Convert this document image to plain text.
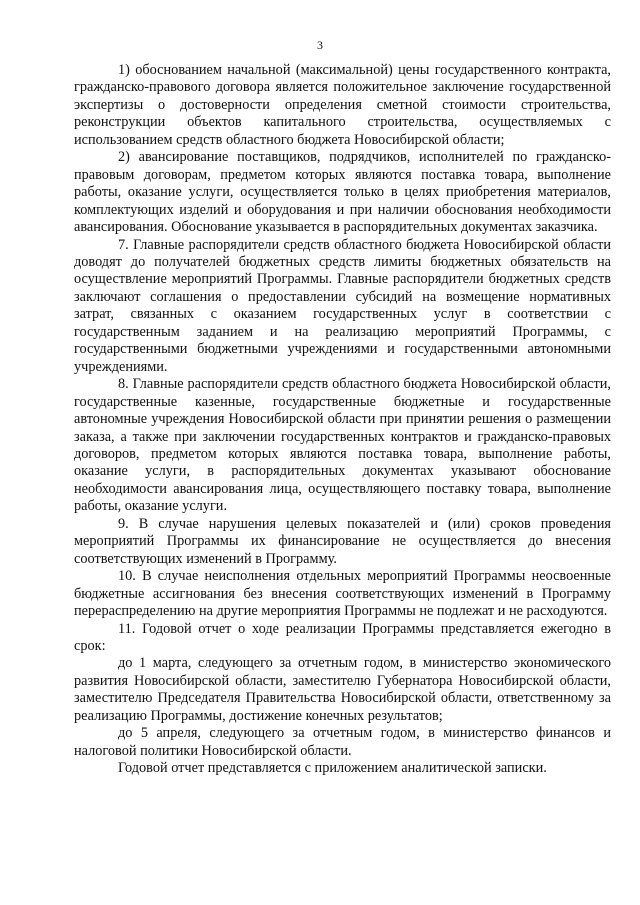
3

1) обоснованием начальной (максимальной) цены государственного контракта, гражданско-правового договора является положительное заключение государственной экспертизы о достоверности определения сметной стоимости строительства, реконструкции объектов капитального строительства, осуществляемых с использованием средств областного бюджета Новосибирской области;

2) авансирование поставщиков, подрядчиков, исполнителей по гражданско-правовым договорам, предметом которых являются поставка товара, выполнение работы, оказание услуги, осуществляется только в целях приобретения материалов, комплектующих изделий и оборудования и при наличии обоснования необходимости авансирования. Обоснование указывается в распорядительных документах заказчика.

7. Главные распорядители средств областного бюджета Новосибирской области доводят до получателей бюджетных средств лимиты бюджетных обязательств на осуществление мероприятий Программы. Главные распорядители бюджетных средств заключают соглашения о предоставлении субсидий на возмещение нормативных затрат, связанных с оказанием государственных услуг в соответствии с государственным заданием и на реализацию мероприятий Программы, с государственными бюджетными учреждениями и государственными автономными учреждениями.

8. Главные распорядители средств областного бюджета Новосибирской области, государственные казенные, государственные бюджетные и государственные автономные учреждения Новосибирской области при принятии решения о размещении заказа, а также при заключении государственных контрактов и гражданско-правовых договоров, предметом которых являются поставка товара, выполнение работы, оказание услуги, в распорядительных документах указывают обоснование необходимости авансирования лица, осуществляющего поставку товара, выполнение работы, оказание услуги.

9. В случае нарушения целевых показателей и (или) сроков проведения мероприятий Программы их финансирование не осуществляется до внесения соответствующих изменений в Программу.

10. В случае неисполнения отдельных мероприятий Программы неосвоенные бюджетные ассигнования без внесения соответствующих изменений в Программу перераспределению на другие мероприятия Программы не подлежат и не расходуются.

11. Годовой отчет о ходе реализации Программы представляется ежегодно в срок:

до 1 марта, следующего за отчетным годом, в министерство экономического развития Новосибирской области, заместителю Губернатора Новосибирской области, заместителю Председателя Правительства Новосибирской области, ответственному за реализацию Программы, достижение конечных результатов;

до 5 апреля, следующего за отчетным годом, в министерство финансов и налоговой политики Новосибирской области.

Годовой отчет представляется с приложением аналитической записки.
